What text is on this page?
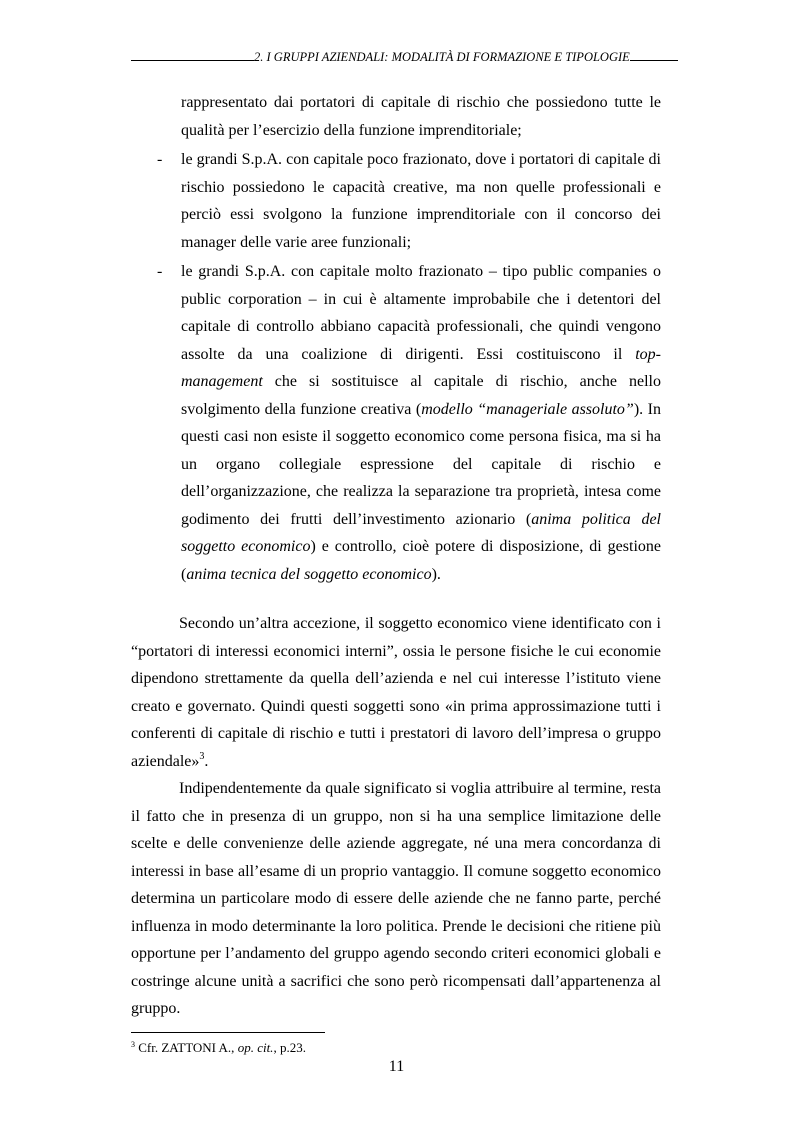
2. I GRUPPI AZIENDALI: MODALITÀ DI FORMAZIONE E TIPOLOGIE
rappresentato dai portatori di capitale di rischio che possiedono tutte le
qualità per l’esercizio della funzione imprenditoriale;
- le grandi S.p.A. con capitale poco frazionato, dove i portatori di capitale di
rischio possiedono le capacità creative, ma non quelle professionali e
perciò essi svolgono la funzione imprenditoriale con il concorso dei
manager delle varie aree funzionali;
- le grandi S.p.A. con capitale molto frazionato – tipo public companies o
public corporation – in cui è altamente improbabile che i detentori del
capitale di controllo abbiano capacità professionali, che quindi vengono
assolte da una coalizione di dirigenti. Essi costituiscono il top-
management che si sostituisce al capitale di rischio, anche nello
svolgimento della funzione creativa (modello “manageriale assoluto”). In
questi casi non esiste il soggetto economico come persona fisica, ma si ha
un organo collegiale espressione del capitale di rischio e
dell’organizzazione, che realizza la separazione tra proprietà, intesa come
godimento dei frutti dell’investimento azionario (anima politica del
soggetto economico) e controllo, cioè potere di disposizione, di gestione
(anima tecnica del soggetto economico).
Secondo un’altra accezione, il soggetto economico viene identificato con i
“portatori di interessi economici interni”, ossia le persone fisiche le cui economie
dipendono strettamente da quella dell’azienda e nel cui interesse l’istituto viene
creato e governato. Quindi questi soggetti sono «in prima approssimazione tutti i
conferenti di capitale di rischio e tutti i prestatori di lavoro dell’impresa o gruppo
aziendale»$^3$.
Indipendentemente da quale significato si voglia attribuire al termine, resta
il fatto che in presenza di un gruppo, non si ha una semplice limitazione delle
scelte e delle convenienze delle aziende aggregate, né una mera concordanza di
interessi in base all’esame di un proprio vantaggio. Il comune soggetto economico
determina un particolare modo di essere delle aziende che ne fanno parte, perché
influenza in modo determinante la loro politica. Prende le decisioni che ritiene più
opportune per l’andamento del gruppo agendo secondo criteri economici globali e
costringe alcune unità a sacrifici che sono però ricompensati dall’appartenenza al
gruppo.
$^3$ Cfr. ZATTONI A., op. cit., p.23.
11
